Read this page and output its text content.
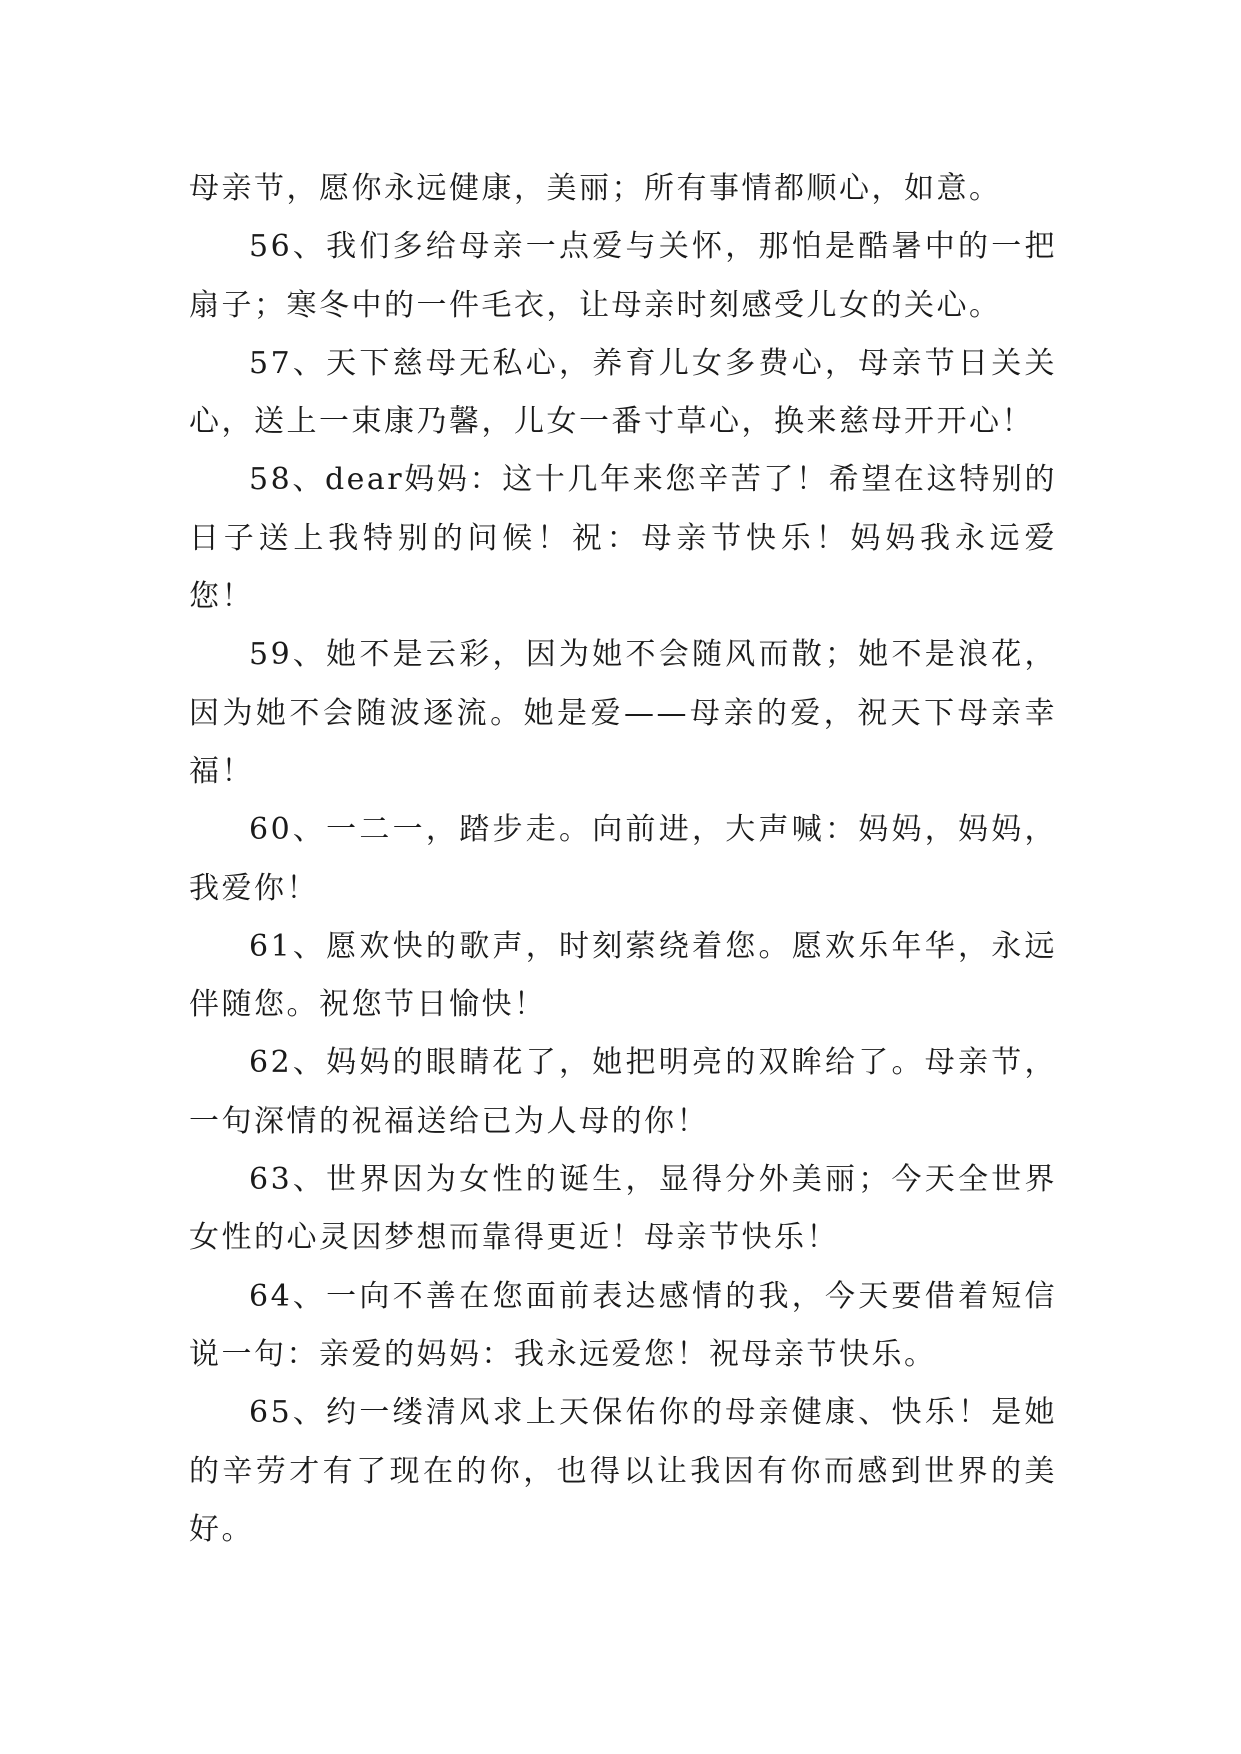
母亲节，愿你永远健康，美丽；所有事情都顺心，如意。

56、我们多给母亲一点爱与关怀，那怕是酷暑中的一把扇子；寒冬中的一件毛衣，让母亲时刻感受儿女的关心。

57、天下慈母无私心，养育儿女多费心，母亲节日关关心，送上一束康乃馨，儿女一番寸草心，换来慈母开开心！

58、dear妈妈：这十几年来您辛苦了！希望在这特别的日子送上我特别的问候！祝：母亲节快乐！妈妈我永远爱您！

59、她不是云彩，因为她不会随风而散；她不是浪花，因为她不会随波逐流。她是爱——母亲的爱，祝天下母亲幸福！

60、一二一，踏步走。向前进，大声喊：妈妈，妈妈，我爱你！

61、愿欢快的歌声，时刻萦绕着您。愿欢乐年华，永远伴随您。祝您节日愉快！

62、妈妈的眼睛花了，她把明亮的双眸给了。母亲节，一句深情的祝福送给已为人母的你！

63、世界因为女性的诞生，显得分外美丽；今天全世界女性的心灵因梦想而靠得更近！母亲节快乐！

64、一向不善在您面前表达感情的我，今天要借着短信说一句：亲爱的妈妈：我永远爱您！祝母亲节快乐。

65、约一缕清风求上天保佑你的母亲健康、快乐！是她的辛劳才有了现在的你，也得以让我因有你而感到世界的美好。
